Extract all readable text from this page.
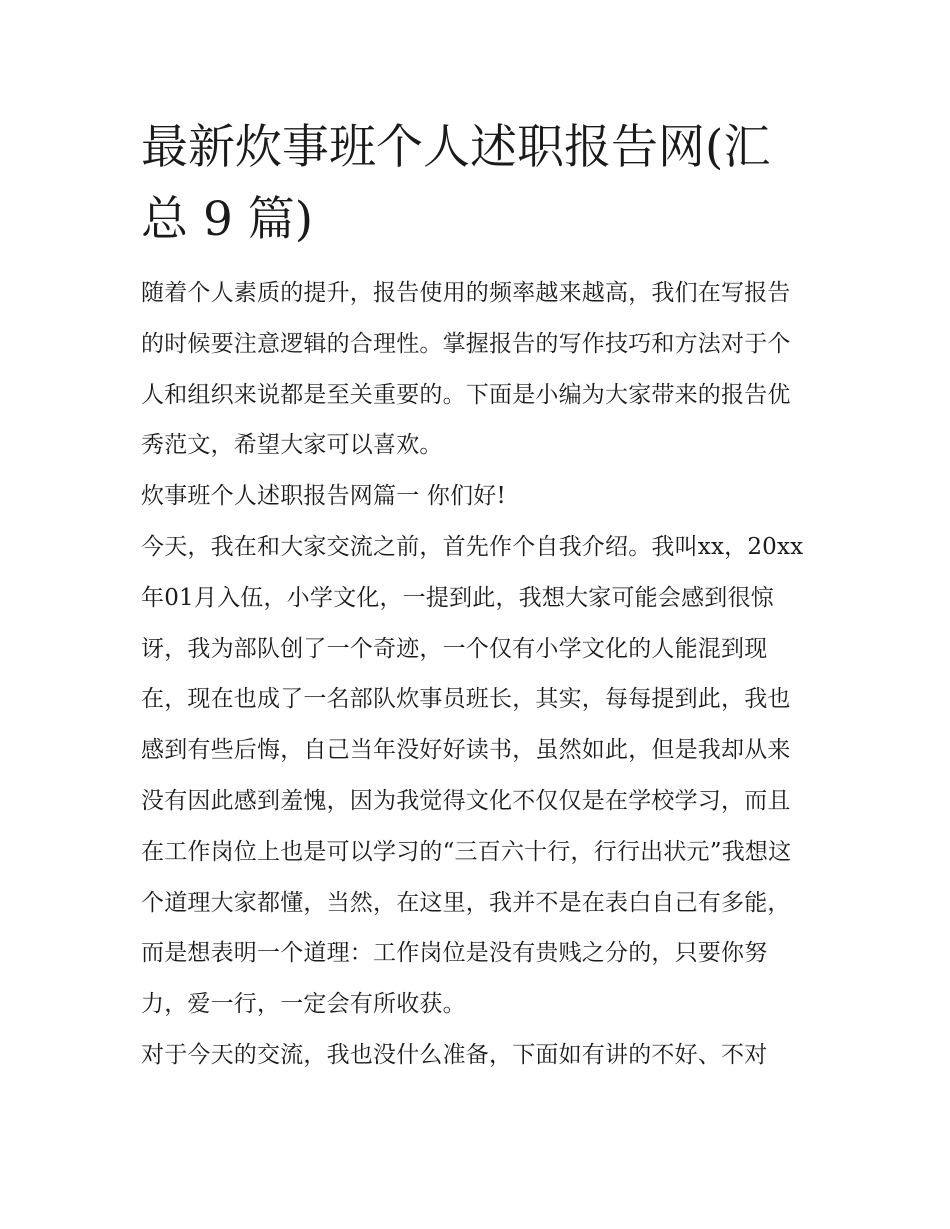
最新炊事班个人述职报告网(汇总 9 篇)

随着个人素质的提升，报告使用的频率越来越高，我们在写报告的时候要注意逻辑的合理性。掌握报告的写作技巧和方法对于个人和组织来说都是至关重要的。下面是小编为大家带来的报告优秀范文，希望大家可以喜欢。

炊事班个人述职报告网篇一 你们好!

今天，我在和大家交流之前，首先作个自我介绍。我叫xx，20xx年01月入伍，小学文化，一提到此，我想大家可能会感到很惊讶，我为部队创了一个奇迹，一个仅有小学文化的人能混到现在，现在也成了一名部队炊事员班长，其实，每每提到此，我也感到有些后悔，自己当年没好好读书，虽然如此，但是我却从来没有因此感到羞愧，因为我觉得文化不仅仅是在学校学习，而且在工作岗位上也是可以学习的“三百六十行，行行出状元”我想这个道理大家都懂，当然，在这里，我并不是在表白自己有多能，而是想表明一个道理：工作岗位是没有贵贱之分的，只要你努力，爱一行，一定会有所收获。

对于今天的交流，我也没什么准备，下面如有讲的不好、不对
